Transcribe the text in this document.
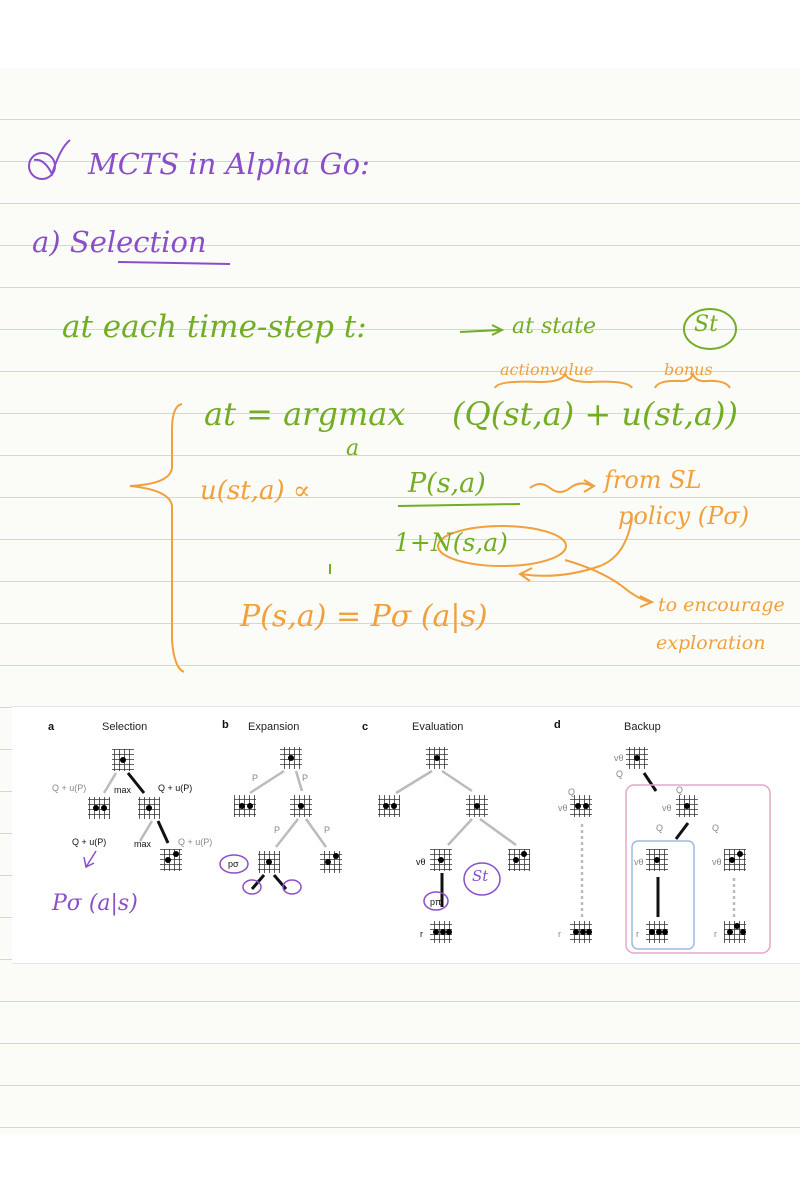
MCTS in Alpha Go:
a) Selection
at each time-step t:	at state	St
actionvalue	bonus
at = argmax
a
(Q(st,a) + u(st,a))
u(st,a) ∝	P(s,a)
1+N(s,a)
from SL
policy (Pσ)
P(s,a) = Pσ (a|s)	to encourage
exploration
a	Selection	b Expansion	c	Evaluation	d	Backup
Q + u(P)	max	Q + u(P)
Q + u(P)	max	Q + u(P)
P	P
P	P
pσ	vθ
pπ
r
vθ
Q
vθ
Q
vθ
Q
Q	Q
vθ	vθ
r	r	r
Pσ (a|s)
St
